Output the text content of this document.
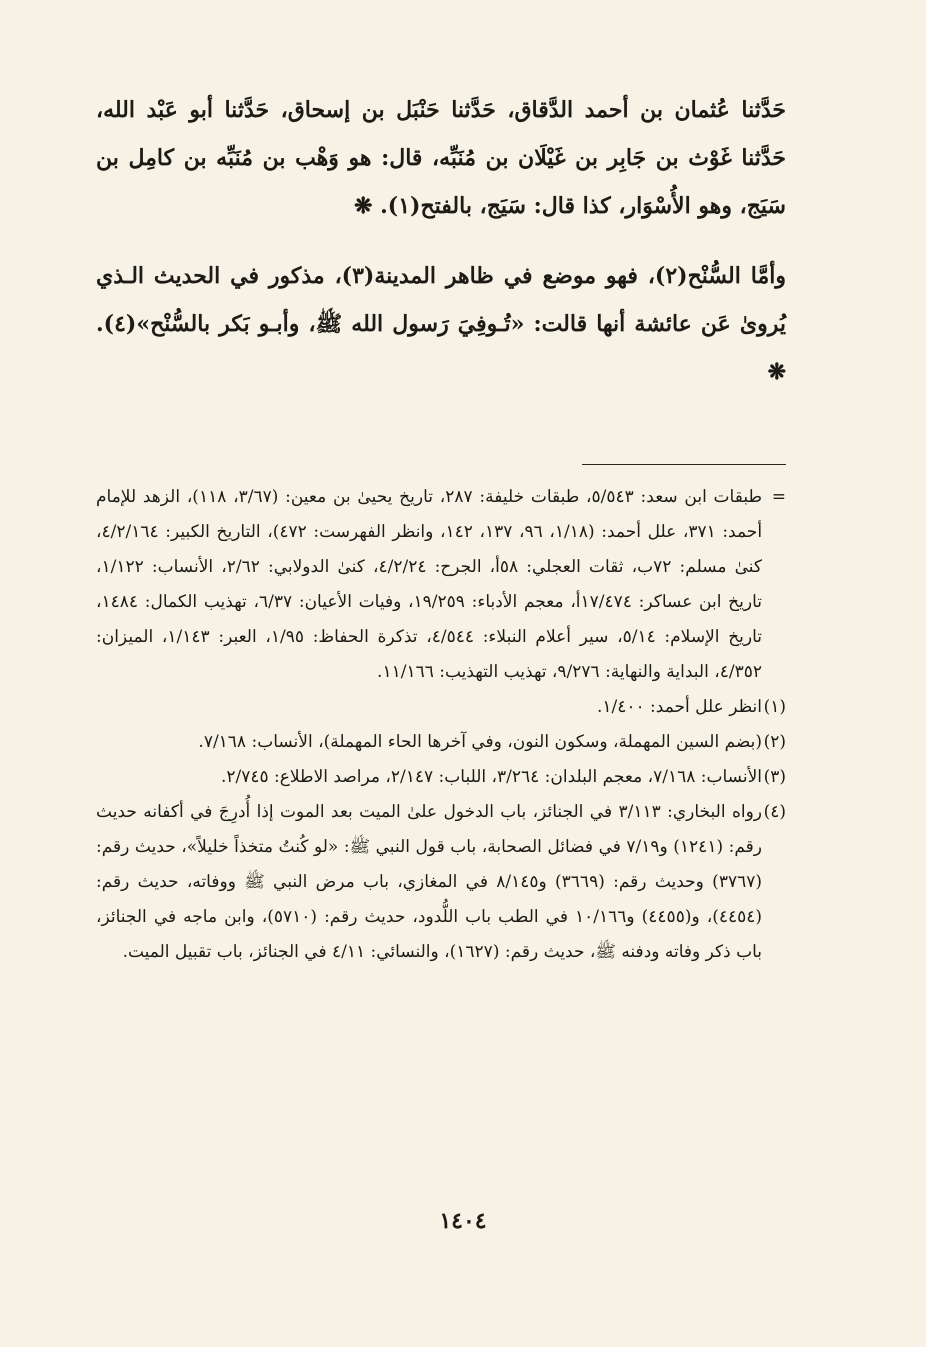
حَدَّثنا عُثمان بن أحمد الدَّقاق، حَدَّثنا حَنْبَل بن إسحاق، حَدَّثنا أبو عَبْد الله، حَدَّثنا غَوْث بن جَابِر بن غَيْلَان بن مُنَبِّه، قال: هو وَهْب بن مُنَبِّه بن كامِل بن سَيَج، وهو الأُسْوَار، كذا قال: سَيَج، بالفتح(١). ❋

وأمَّا السُّنْح(٢)، فهو موضع في ظاهر المدينة(٣)، مذكور في الحديث الـذي يُروىٰ عَن عائشة أنها قالت: «تُـوفِيَ رَسول الله ﷺ، وأبـو بَكر بالسُّنْح»(٤). ❋

=
طبقات ابن سعد: ٥/٥٤٣، طبقات خليفة: ٢٨٧، تاريخ يحيىٰ بن معين: (٣/٦٧، ١١٨)، الزهد للإمام أحمد: ٣٧١، علل أحمد: (١/١٨، ٩٦، ١٣٧، ١٤٢، وانظر الفهرست: ٤٧٢)، التاريخ الكبير: ٤/٢/١٦٤، كنىٰ مسلم: ٧٢ب، ثقات العجلي: ٥٨أ، الجرح: ٤/٢/٢٤، كنىٰ الدولابي: ٢/٦٢، الأنساب: ١/١٢٢، تاريخ ابن عساكر: ١٧/٤٧٤أ، معجم الأدباء: ١٩/٢٥٩، وفيات الأعيان: ٦/٣٧، تهذيب الكمال: ١٤٨٤، تاريخ الإسلام: ٥/١٤، سير أعلام النبلاء: ٤/٥٤٤، تذكرة الحفاظ: ١/٩٥، العبر: ١/١٤٣، الميزان: ٤/٣٥٢، البداية والنهاية: ٩/٢٧٦، تهذيب التهذيب: ١١/١٦٦.
(١)
انظر علل أحمد: ١/٤٠٠.
(٢)
(بضم السين المهملة، وسكون النون، وفي آخرها الحاء المهملة)، الأنساب: ٧/١٦٨.
(٣)
الأنساب: ٧/١٦٨، معجم البلدان: ٣/٢٦٤، اللباب: ٢/١٤٧، مراصد الاطلاع: ٢/٧٤٥.
(٤)
رواه البخاري: ٣/١١٣ في الجنائز، باب الدخول علىٰ الميت بعد الموت إذا أُدرِجَ في أكفانه حديث رقم: (١٢٤١) و٧/١٩ في فضائل الصحابة، باب قول النبي ﷺ: «لو كُنتُ متخذاً خليلاً»، حديث رقم: (٣٧٦٧) وحديث رقم: (٣٦٦٩) و٨/١٤٥ في المغازي، باب مرض النبي ﷺ ووفاته، حديث رقم: (٤٤٥٤)، و(٤٤٥٥) و١٠/١٦٦ في الطب باب اللُّدود، حديث رقم: (٥٧١٠)، وابن ماجه في الجنائز، باب ذكر وفاته ودفنه ﷺ، حديث رقم: (١٦٢٧)، والنسائي: ٤/١١ في الجنائز، باب تقبيل الميت.
١٤٠٤
